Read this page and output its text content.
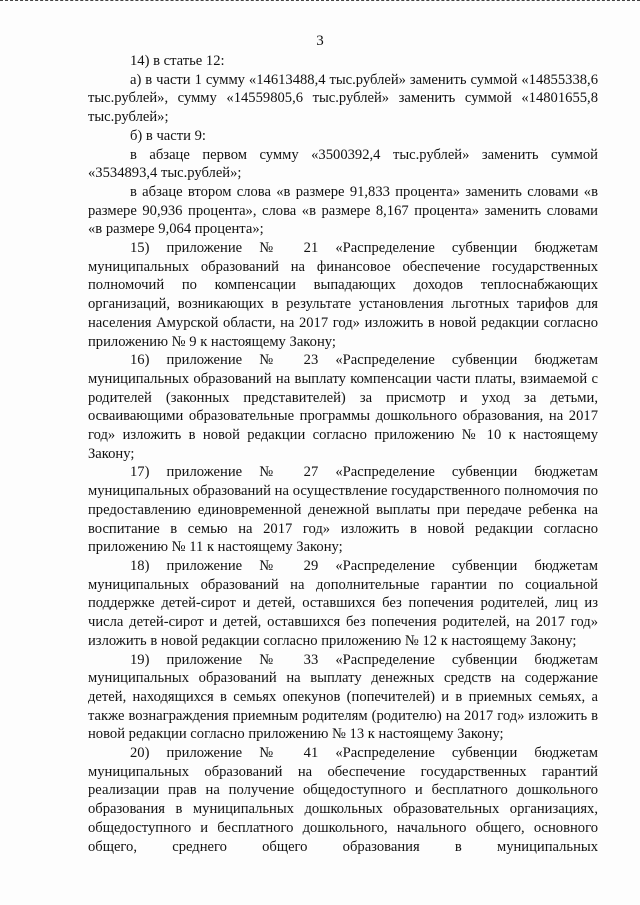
3

14) в статье 12:

а) в части 1 сумму «14613488,4 тыс.рублей» заменить суммой «14855338,6 тыс.рублей», сумму «14559805,6 тыс.рублей» заменить суммой «14801655,8 тыс.рублей»;

б) в части 9:

в абзаце первом сумму «3500392,4 тыс.рублей» заменить суммой «3534893,4 тыс.рублей»;

в абзаце втором слова «в размере 91,833 процента» заменить словами «в размере 90,936 процента», слова «в размере 8,167 процента» заменить словами «в размере 9,064 процента»;

15) приложение № 21 «Распределение субвенции бюджетам муниципальных образований на финансовое обеспечение государственных полномочий по компенсации выпадающих доходов теплоснабжающих организаций, возникающих в результате установления льготных тарифов для населения Амурской области, на 2017 год» изложить в новой редакции согласно приложению № 9 к настоящему Закону;

16) приложение № 23 «Распределение субвенции бюджетам муниципальных образований на выплату компенсации части платы, взимаемой с родителей (законных представителей) за присмотр и уход за детьми, осваивающими образовательные программы дошкольного образования, на 2017 год» изложить в новой редакции согласно приложению № 10 к настоящему Закону;

17) приложение № 27 «Распределение субвенции бюджетам муниципальных образований на осуществление государственного полномочия по предоставлению единовременной денежной выплаты при передаче ребенка на воспитание в семью на 2017 год» изложить в новой редакции согласно приложению № 11 к настоящему Закону;

18) приложение № 29 «Распределение субвенции бюджетам муниципальных образований на дополнительные гарантии по социальной поддержке детей-сирот и детей, оставшихся без попечения родителей, лиц из числа детей-сирот и детей, оставшихся без попечения родителей, на 2017 год» изложить в новой редакции согласно приложению № 12 к настоящему Закону;

19) приложение № 33 «Распределение субвенции бюджетам муниципальных образований на выплату денежных средств на содержание детей, находящихся в семьях опекунов (попечителей) и в приемных семьях, а также вознаграждения приемным родителям (родителю) на 2017 год» изложить в новой редакции согласно приложению № 13 к настоящему Закону;

20) приложение № 41 «Распределение субвенции бюджетам муниципальных образований на обеспечение государственных гарантий реализации прав на получение общедоступного и бесплатного дошкольного образования в муниципальных дошкольных образовательных организациях, общедоступного и бесплатного дошкольного, начального общего, основного общего, среднего общего образования в муниципальных
